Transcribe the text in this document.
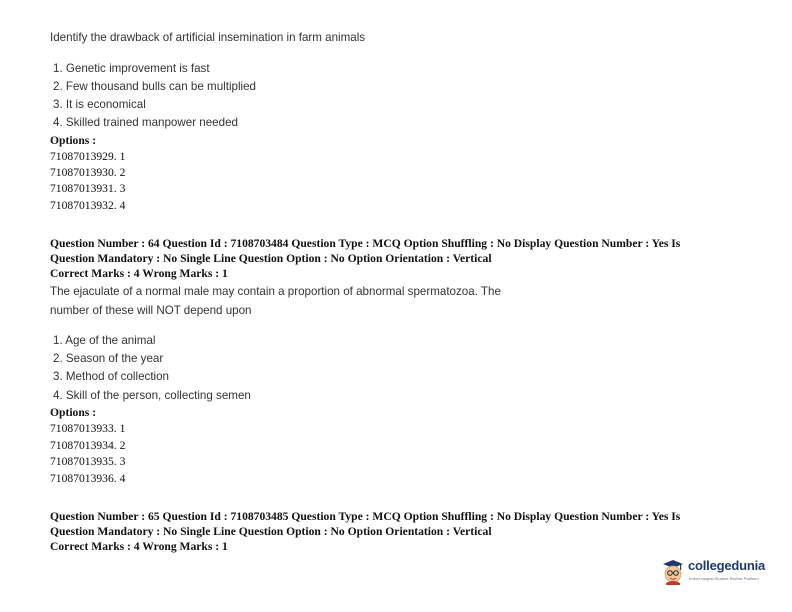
Identify the drawback of artificial insemination in farm animals
1. Genetic improvement is fast
2. Few thousand bulls can be multiplied
3. It is economical
4. Skilled trained manpower needed
Options :
71087013929. 1
71087013930. 2
71087013931. 3
71087013932. 4
Question Number : 64 Question Id : 7108703484 Question Type : MCQ Option Shuffling : No Display Question Number : Yes Is
Question Mandatory : No Single Line Question Option : No Option Orientation : Vertical
Correct Marks : 4 Wrong Marks : 1
The ejaculate of a normal male may contain a proportion of abnormal spermatozoa. The
number of these will NOT depend upon
1. Age of the animal
2. Season of the year
3. Method of collection
4. Skill of the person, collecting semen
Options :
71087013933. 1
71087013934. 2
71087013935. 3
71087013936. 4
Question Number : 65 Question Id : 7108703485 Question Type : MCQ Option Shuffling : No Display Question Number : Yes Is
Question Mandatory : No Single Line Question Option : No Option Orientation : Vertical
Correct Marks : 4 Wrong Marks : 1
collegedunia
India's largest Student Review Platform
